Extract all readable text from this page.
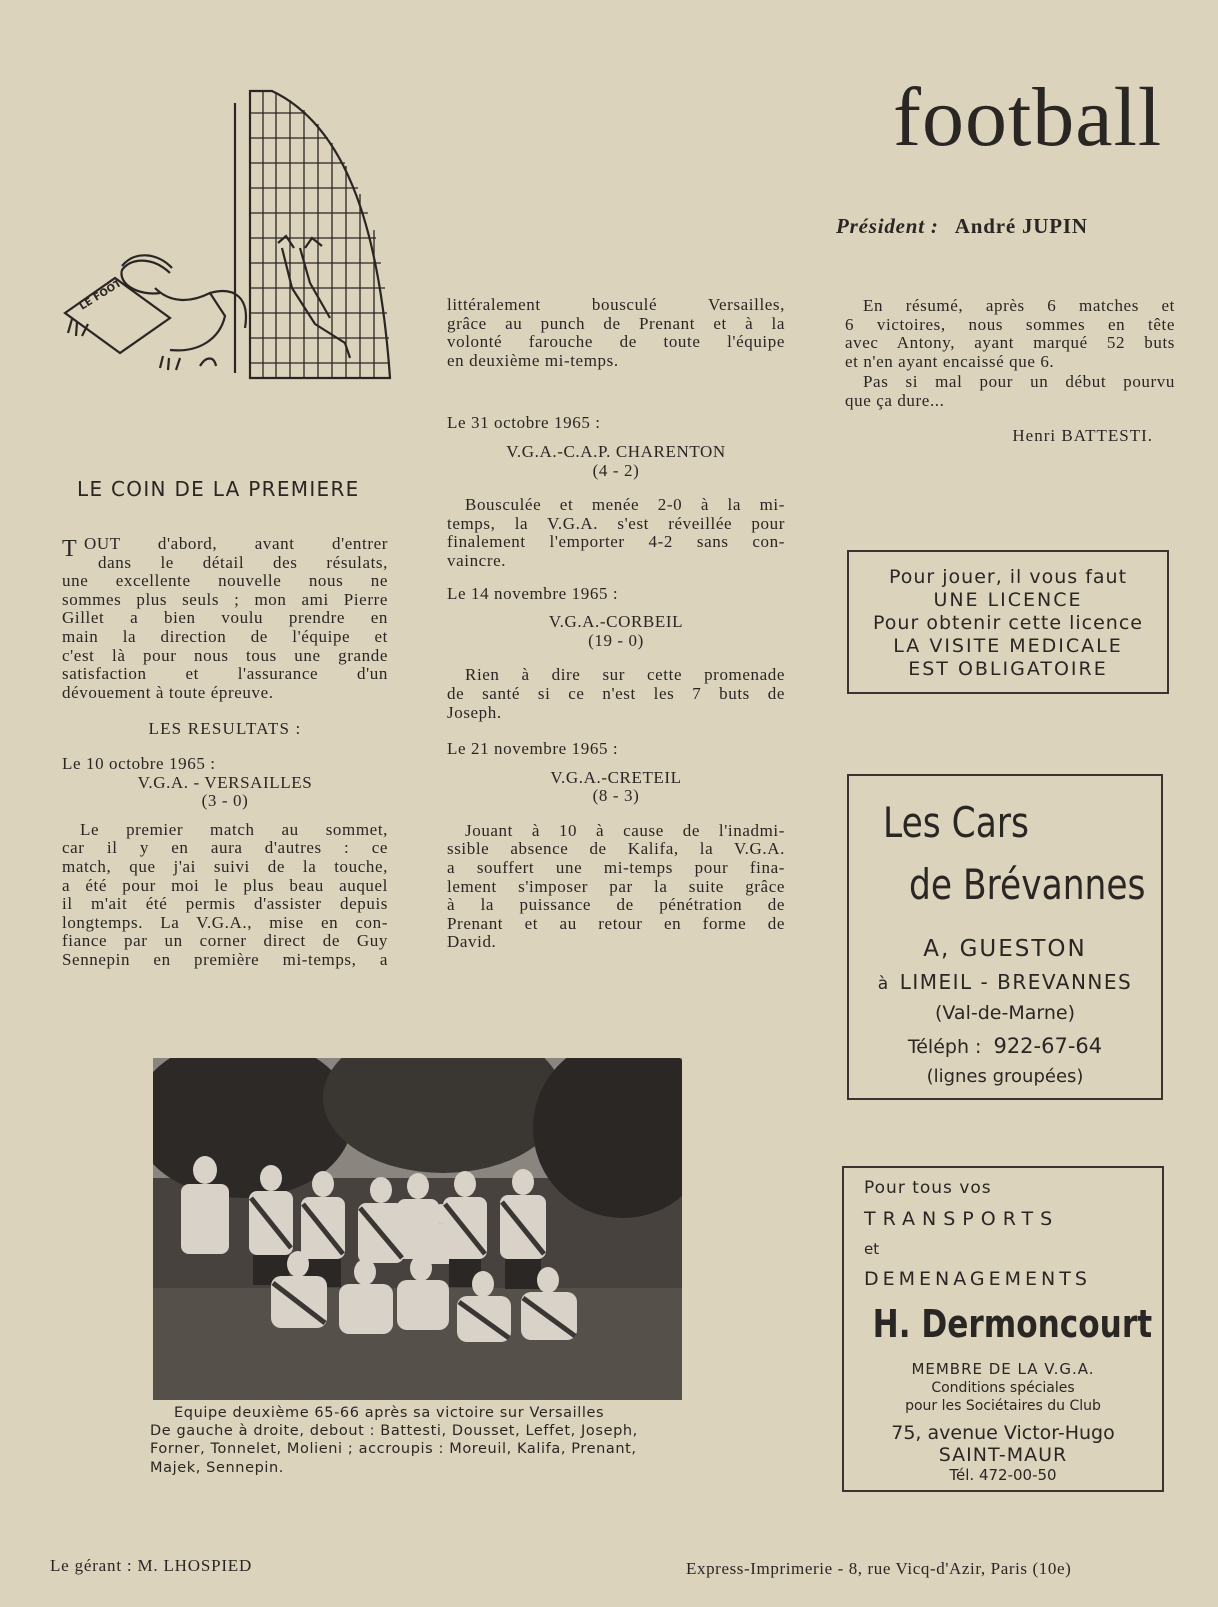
football
Président : André JUPIN
LE FOOT
LE COIN DE LA PREMIERE
T OUT d'abord, avant d'entrer
dans le détail des résulats,
une excellente nouvelle nous ne
sommes plus seuls ; mon ami Pierre
Gillet a bien voulu prendre en
main la direction de l'équipe et
c'est là pour nous tous une grande
satisfaction et l'assurance d'un
dévouement à toute épreuve.
LES RESULTATS :
Le 10 octobre 1965 :
V.G.A. - VERSAILLES
(3 - 0)
Le premier match au sommet,
car il y en aura d'autres : ce
match, que j'ai suivi de la touche,
a été pour moi le plus beau auquel
il m'ait été permis d'assister depuis
longtemps. La V.G.A., mise en con-
fiance par un corner direct de Guy
Sennepin en première mi-temps, a
littéralement bousculé Versailles,
grâce au punch de Prenant et à la
volonté farouche de toute l'équipe
en deuxième mi-temps.
Le 31 octobre 1965 :
V.G.A.-C.A.P. CHARENTON
(4 - 2)
Bousculée et menée 2-0 à la mi-
temps, la V.G.A. s'est réveillée pour
finalement l'emporter 4-2 sans con-
vaincre.
Le 14 novembre 1965 :
V.G.A.-CORBEIL
(19 - 0)
Rien à dire sur cette promenade
de santé si ce n'est les 7 buts de
Joseph.
Le 21 novembre 1965 :
V.G.A.-CRETEIL
(8 - 3)
Jouant à 10 à cause de l'inadmi-
ssible absence de Kalifa, la V.G.A.
a souffert une mi-temps pour fina-
lement s'imposer par la suite grâce
à la puissance de pénétration de
Prenant et au retour en forme de
David.
En résumé, après 6 matches et
6 victoires, nous sommes en tête
avec Antony, ayant marqué 52 buts
et n'en ayant encaissé que 6.
Pas si mal pour un début pourvu
que ça dure...
Henri BATTESTI.
Pour jouer, il vous faut
UNE LICENCE
Pour obtenir cette licence
LA VISITE MEDICALE
EST OBLIGATOIRE
Les Cars
de Brévannes
A, GUESTON
à LIMEIL - BREVANNES
(Val-de-Marne)
Téléph : 922-67-64
(lignes groupées)
Pour tous vos
TRANSPORTS
et
DEMENAGEMENTS
H. Dermoncourt
MEMBRE DE LA V.G.A.
Conditions spéciales
pour les Sociétaires du Club
75, avenue Victor-Hugo
SAINT-MAUR
Tél. 472-00-50
Equipe deuxième 65-66 après sa victoire sur Versailles
De gauche à droite, debout : Battesti, Dousset, Leffet, Joseph,
Forner, Tonnelet, Molieni ; accroupis : Moreuil, Kalifa, Prenant,
Majek, Sennepin.
Le gérant : M. LHOSPIED	Express-Imprimerie - 8, rue Vicq-d'Azir, Paris (10e)
